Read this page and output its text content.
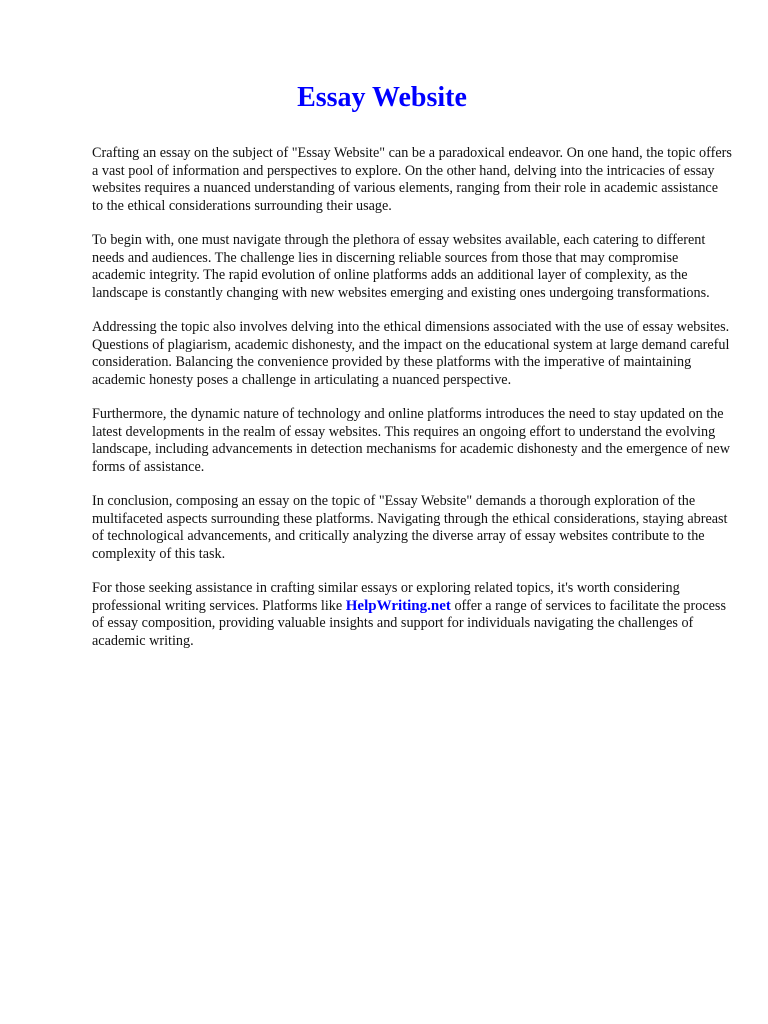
Essay Website

Crafting an essay on the subject of "Essay Website" can be a paradoxical endeavor. On one hand, the topic offers a vast pool of information and perspectives to explore. On the other hand, delving into the intricacies of essay websites requires a nuanced understanding of various elements, ranging from their role in academic assistance to the ethical considerations surrounding their usage.

To begin with, one must navigate through the plethora of essay websites available, each catering to different needs and audiences. The challenge lies in discerning reliable sources from those that may compromise academic integrity. The rapid evolution of online platforms adds an additional layer of complexity, as the landscape is constantly changing with new websites emerging and existing ones undergoing transformations.

Addressing the topic also involves delving into the ethical dimensions associated with the use of essay websites. Questions of plagiarism, academic dishonesty, and the impact on the educational system at large demand careful consideration. Balancing the convenience provided by these platforms with the imperative of maintaining academic honesty poses a challenge in articulating a nuanced perspective.

Furthermore, the dynamic nature of technology and online platforms introduces the need to stay updated on the latest developments in the realm of essay websites. This requires an ongoing effort to understand the evolving landscape, including advancements in detection mechanisms for academic dishonesty and the emergence of new forms of assistance.

In conclusion, composing an essay on the topic of "Essay Website" demands a thorough exploration of the multifaceted aspects surrounding these platforms. Navigating through the ethical considerations, staying abreast of technological advancements, and critically analyzing the diverse array of essay websites contribute to the complexity of this task.

For those seeking assistance in crafting similar essays or exploring related topics, it's worth considering professional writing services. Platforms like HelpWriting.net offer a range of services to facilitate the process of essay composition, providing valuable insights and support for individuals navigating the challenges of academic writing.
